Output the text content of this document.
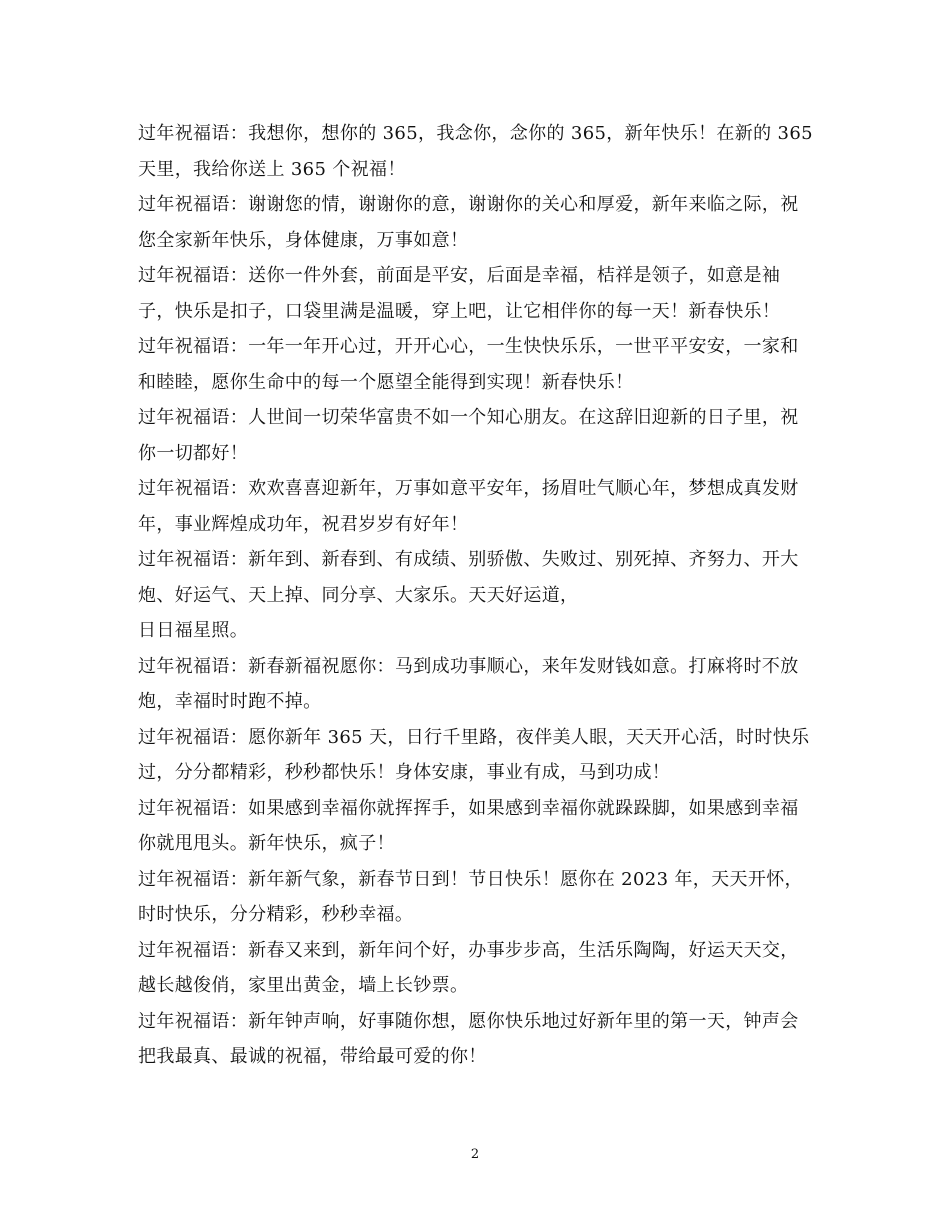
过年祝福语：我想你，想你的 365，我念你，念你的 365，新年快乐！在新的 365
天里，我给你送上 365 个祝福！

过年祝福语：谢谢您的情，谢谢你的意，谢谢你的关心和厚爱，新年来临之际，祝
您全家新年快乐，身体健康，万事如意！

过年祝福语：送你一件外套，前面是平安，后面是幸福，桔祥是领子，如意是袖
子，快乐是扣子，口袋里满是温暖，穿上吧，让它相伴你的每一天！新春快乐！

过年祝福语：一年一年开心过，开开心心，一生快快乐乐，一世平平安安，一家和
和睦睦，愿你生命中的每一个愿望全能得到实现！新春快乐！

过年祝福语：人世间一切荣华富贵不如一个知心朋友。在这辞旧迎新的日子里，祝
你一切都好！

过年祝福语：欢欢喜喜迎新年，万事如意平安年，扬眉吐气顺心年，梦想成真发财
年，事业辉煌成功年，祝君岁岁有好年！

过年祝福语：新年到、新春到、有成绩、别骄傲、失败过、别死掉、齐努力、开大
炮、好运气、天上掉、同分享、大家乐。天天好运道，
日日福星照。

过年祝福语：新春新福祝愿你：马到成功事顺心，来年发财钱如意。打麻将时不放
炮，幸福时时跑不掉。

过年祝福语：愿你新年 365 天，日行千里路，夜伴美人眼，天天开心活，时时快乐
过，分分都精彩，秒秒都快乐！身体安康，事业有成，马到功成！

过年祝福语：如果感到幸福你就挥挥手，如果感到幸福你就跺跺脚，如果感到幸福
你就甩甩头。新年快乐，疯子！

过年祝福语：新年新气象，新春节日到！节日快乐！愿你在 2023 年，天天开怀，
时时快乐，分分精彩，秒秒幸福。

过年祝福语：新春又来到，新年问个好，办事步步高，生活乐陶陶，好运天天交，
越长越俊俏，家里出黄金，墙上长钞票。

过年祝福语：新年钟声响，好事随你想，愿你快乐地过好新年里的第一天，钟声会
把我最真、最诚的祝福，带给最可爱的你！

2
